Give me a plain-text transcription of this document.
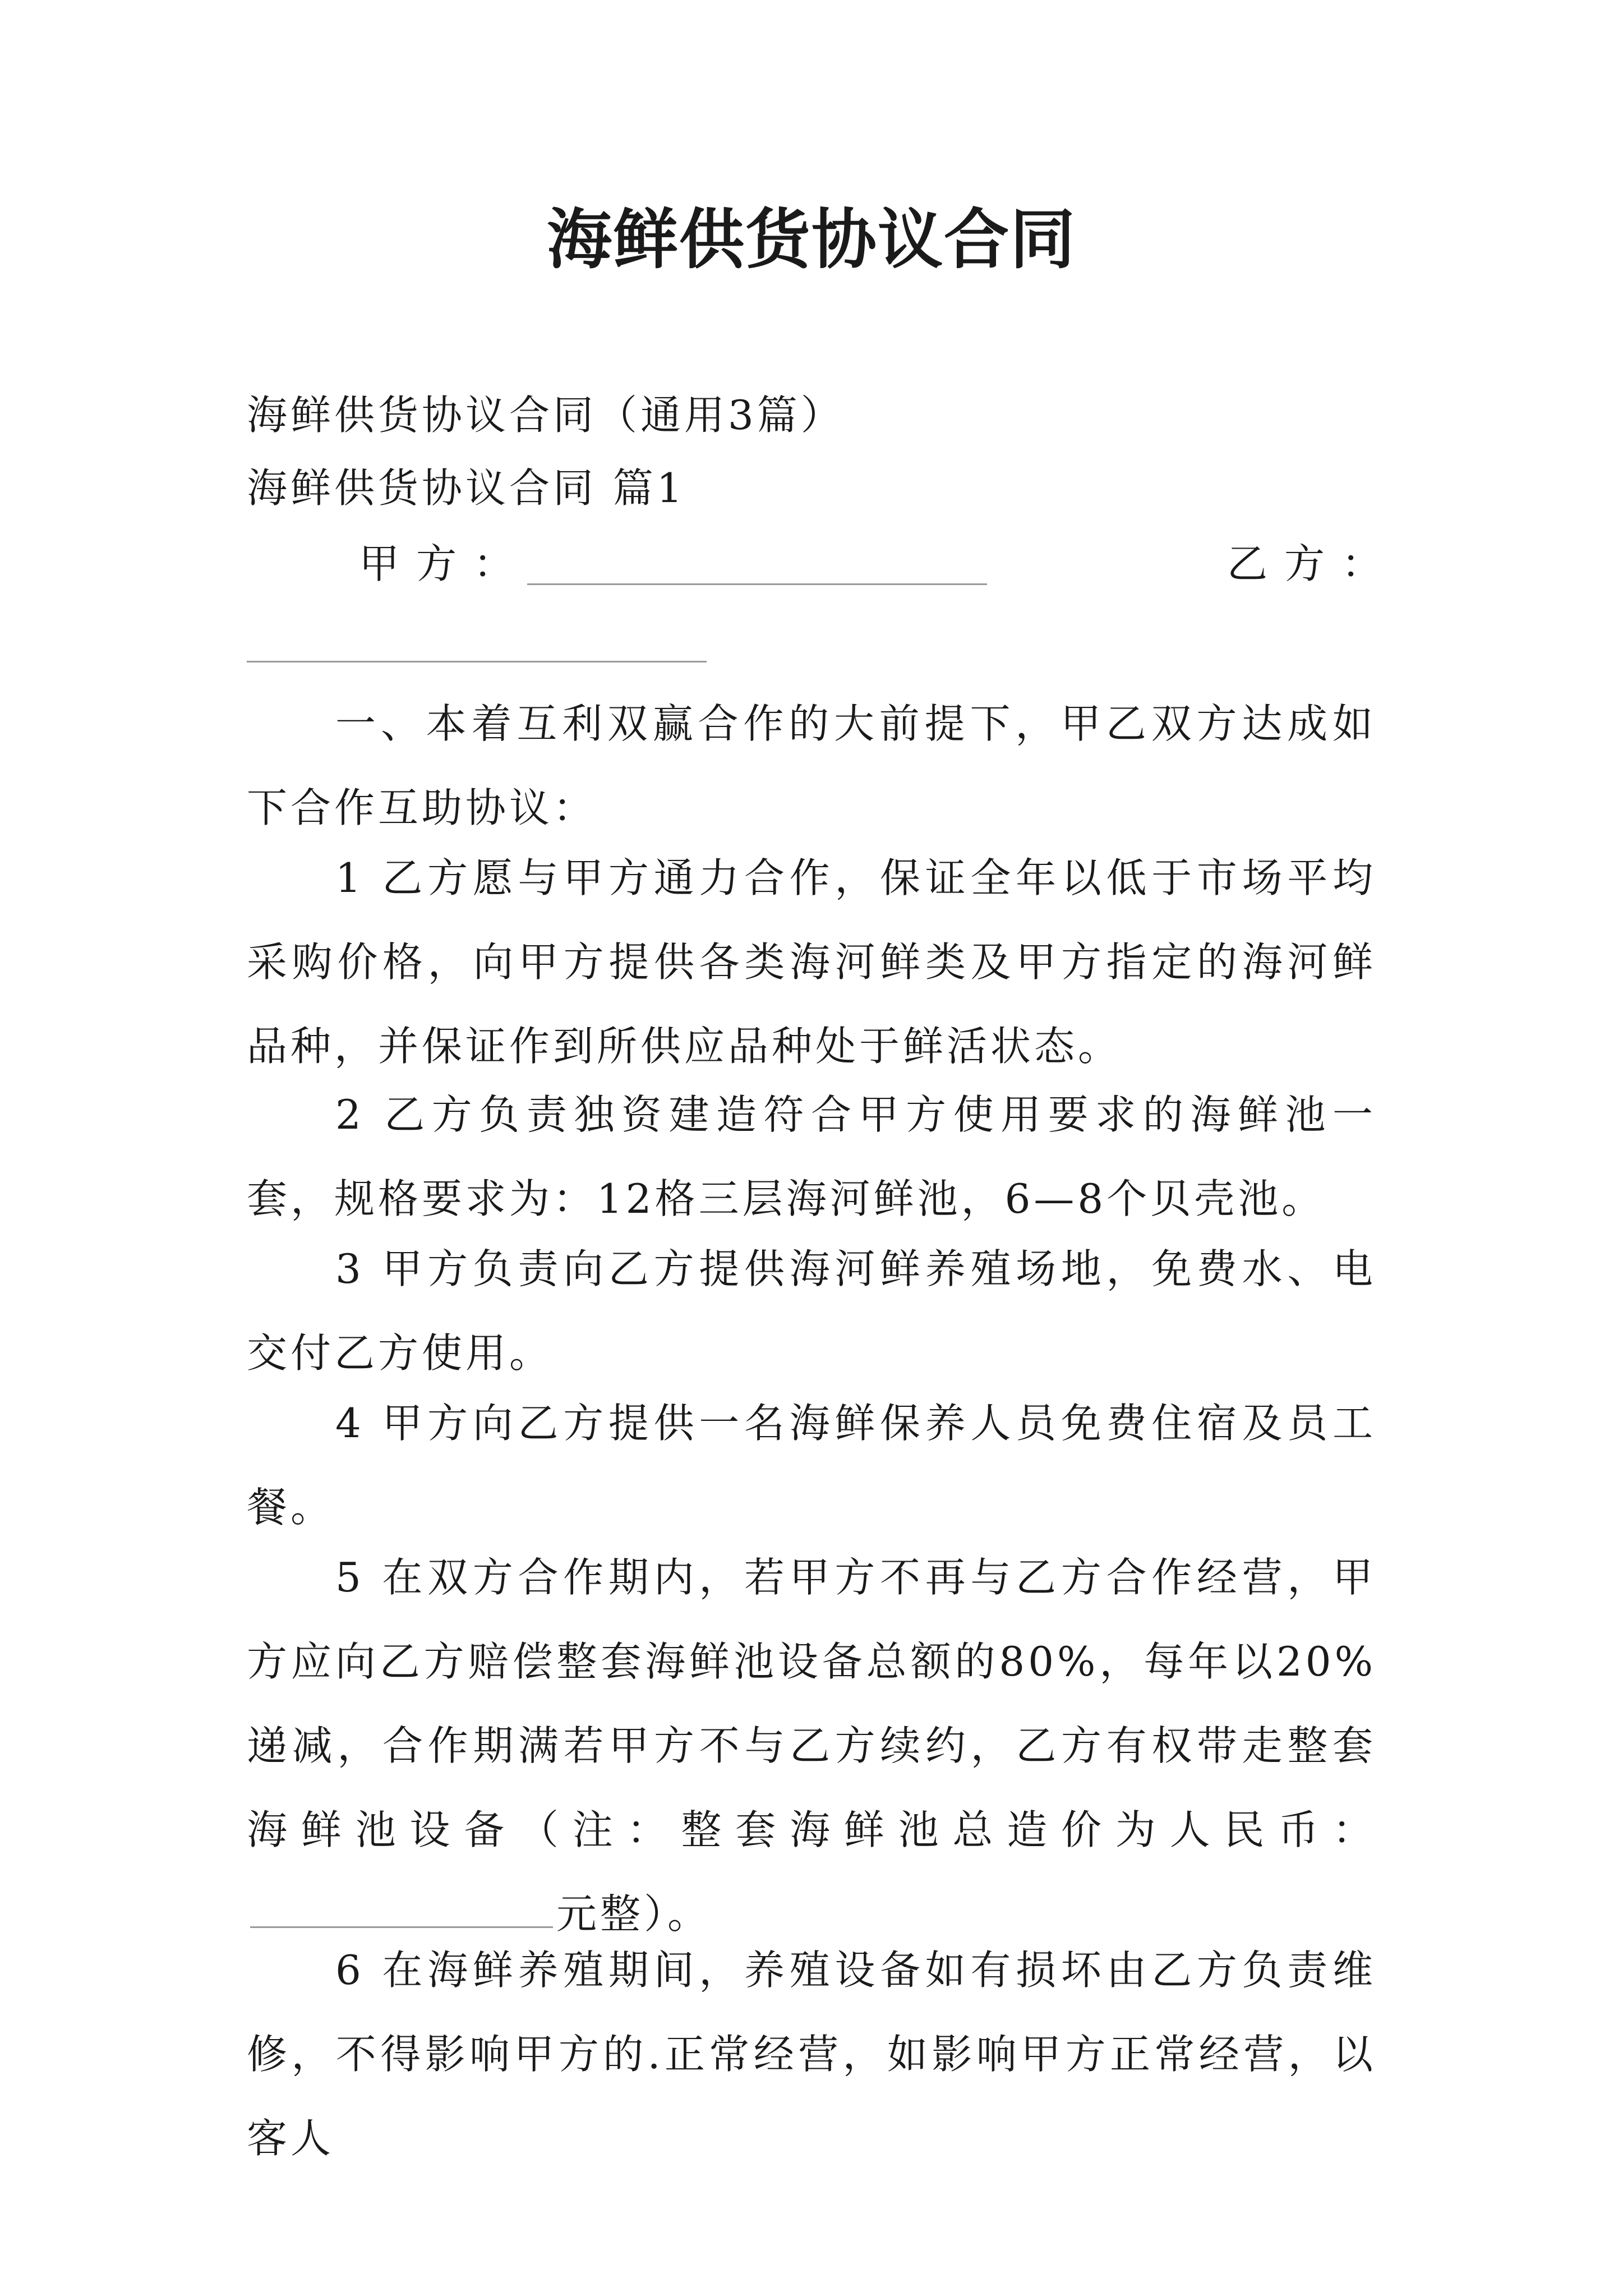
海鲜供货协议合同
海鲜供货协议合同（通用3篇）
海鲜供货协议合同 篇1
甲方：	乙方：
一、本着互利双赢合作的大前提下，甲乙双方达成如下合作互助协议：
1 乙方愿与甲方通力合作，保证全年以低于市场平均采购价格，向甲方提供各类海河鲜类及甲方指定的海河鲜品种，并保证作到所供应品种处于鲜活状态。
2 乙方负责独资建造符合甲方使用要求的海鲜池一套，规格要求为：12格三层海河鲜池，6—8个贝壳池。
3 甲方负责向乙方提供海河鲜养殖场地，免费水、电交付乙方使用。
4 甲方向乙方提供一名海鲜保养人员免费住宿及员工餐。
5 在双方合作期内，若甲方不再与乙方合作经营，甲方应向乙方赔偿整套海鲜池设备总额的80%，每年以20%递减，合作期满若甲方不与乙方续约，乙方有权带走整套海鲜池设备（注：整套海鲜池总造价为人民币：元整）。
6 在海鲜养殖期间，养殖设备如有损坏由乙方负责维修，不得影响甲方的.正常经营，如影响甲方正常经营，以客人
